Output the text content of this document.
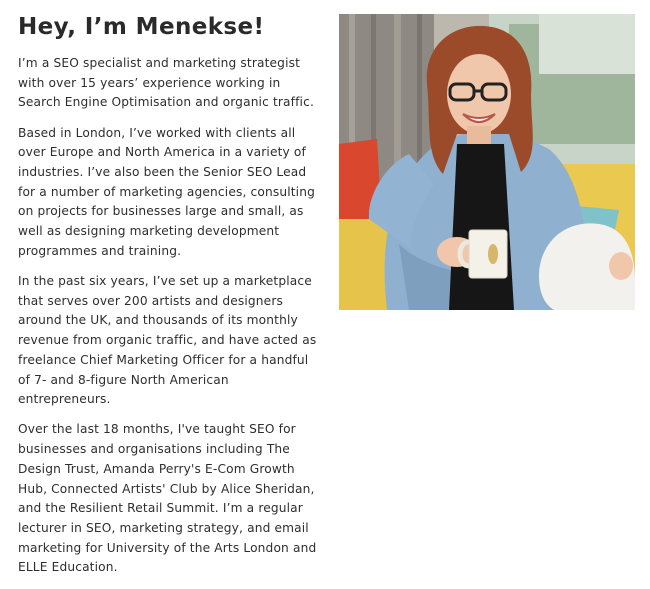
Hey, I’m Menekse!

I’m a SEO specialist and marketing strategist with over 15 years’ experience working in Search Engine Optimisation and organic traffic.

Based in London, I’ve worked with clients all over Europe and North America in a variety of industries. I’ve also been the Senior SEO Lead for a number of marketing agencies, consulting on projects for businesses large and small, as well as designing marketing development programmes and training.

In the past six years, I’ve set up a marketplace that serves over 200 artists and designers around the UK, and thousands of its monthly revenue from organic traffic, and have acted as freelance Chief Marketing Officer for a handful of 7- and 8-figure North American entrepreneurs.

Over the last 18 months, I've taught SEO for businesses and organisations including The Design Trust, Amanda Perry's E-Com Growth Hub, Connected Artists' Club by Alice Sheridan, and the Resilient Retail Summit. I’m a regular lecturer in SEO, marketing strategy, and email marketing for University of the Arts London and ELLE Education.
